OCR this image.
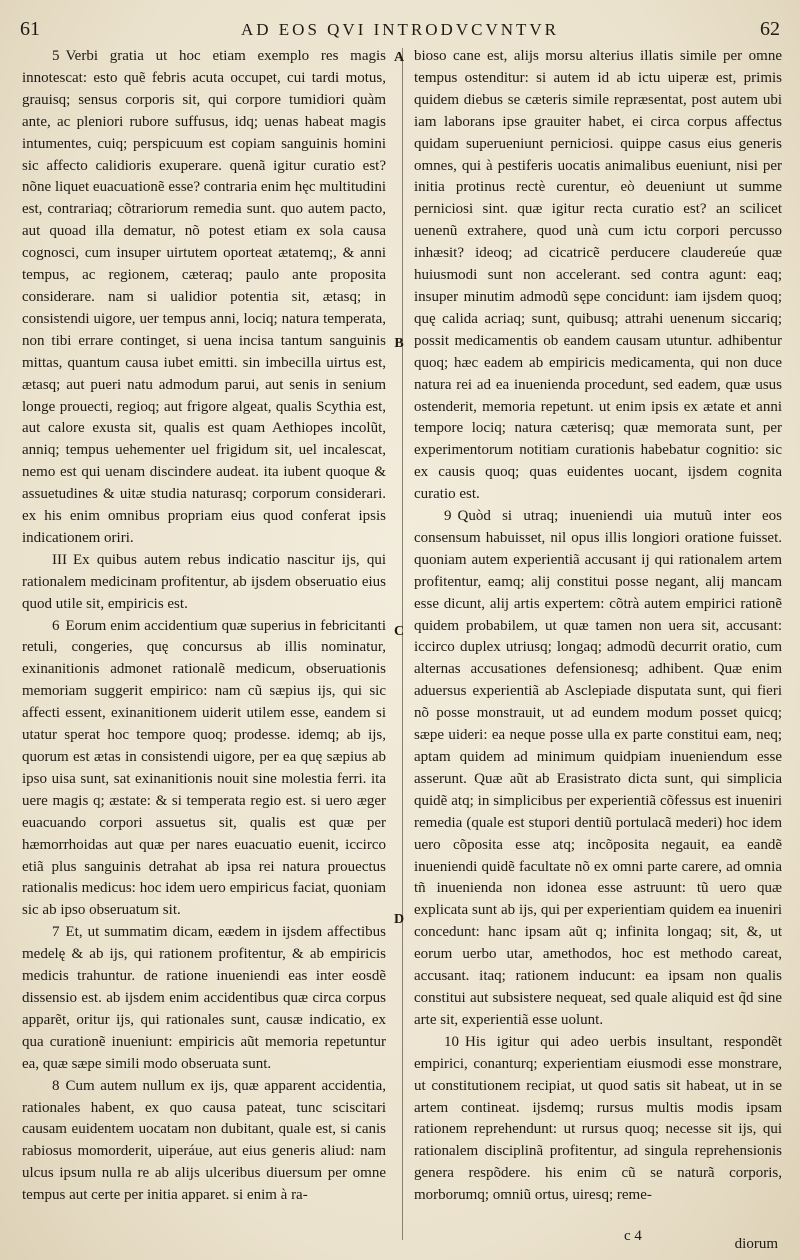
61	AD EOS QVI INTRODVCVNTVR	62

5 Verbi gratia ut hoc etiam exemplo res magis innotescat: esto quẽ febris acuta occupet, cui tardi motus, grauisq; sensus corporis sit, qui corpore tumidiori quàm ante, ac pleniori rubore suffusus, idq; uenas habeat magis intumentes, cuiq; perspicuum est copiam sanguinis homini sic affecto calidioris exuperare. quenã igitur curatio est? nõne liquet euacuationẽ esse? contraria enim hęc multitudini est, contrariaq; cõtrariorum remedia sunt. quo autem pacto, aut quoad illa dematur, nõ potest etiam ex sola causa cognosci, cum insuper uirtutem oporteat ætatemq;, & anni tempus, ac regionem, cæteraq; paulo ante proposita considerare. nam si ualidior potentia sit, ætasq; in consistendi uigore, uer tempus anni, lociq; natura temperata, non tibi errare continget, si uena incisa tantum sanguinis mittas, quantum causa iubet emitti. sin imbecilla uirtus est, ætasq; aut pueri natu admodum parui, aut senis in senium longe prouecti, regioq; aut frigore algeat, qualis Scythia est, aut calore exusta sit, qualis est quam Aethiopes incolũt, anniq; tempus uehementer uel frigidum sit, uel incalescat, nemo est qui uenam discindere audeat. ita iubent quoque & assuetudines & uitæ studia naturasq; corporum considerari. ex his enim omnibus propriam eius quod conferat ipsis indicationem oriri.

III Ex quibus autem rebus indicatio nascitur ijs, qui rationalem medicinam profitentur, ab ijsdem obseruatio eius quod utile sit, empiricis est.

6 Eorum enim accidentium quæ superius in febricitanti retuli, congeries, quę concursus ab illis nominatur, exinanitionis admonet rationalẽ medicum, obseruationis memoriam suggerit empirico: nam cũ sæpius ijs, qui sic affecti essent, exinanitionem uiderit utilem esse, eandem si utatur sperat hoc tempore quoq; prodesse. idemq; ab ijs, quorum est ætas in consistendi uigore, per ea quę sæpius ab ipso uisa sunt, sat exinanitionis nouit sine molestia ferri. ita uere magis q; æstate: & si temperata regio est. si uero æger euacuando corpori assuetus sit, qualis est quæ per hæmorrhoidas aut quæ per nares euacuatio euenit, iccirco etiã plus sanguinis detrahat ab ipsa rei natura prouectus rationalis medicus: hoc idem uero empiricus faciat, quoniam sic ab ipso obseruatum sit.

7 Et, ut summatim dicam, eædem in ijsdem affectibus medelę & ab ijs, qui rationem profitentur, & ab empiricis medicis trahuntur. de ratione inueniendi eas inter eosdẽ dissensio est. ab ijsdem enim accidentibus quæ circa corpus apparẽt, oritur ijs, qui rationales sunt, causæ indicatio, ex qua curationẽ inueniunt: empiricis aũt memoria repetuntur ea, quæ sæpe simili modo obseruata sunt.

8 Cum autem nullum ex ijs, quæ apparent accidentia, rationales habent, ex quo causa pateat, tunc sciscitari causam euidentem uocatam non dubitant, quale est, si canis rabiosus momorderit, uiperáue, aut eius generis aliud: nam ulcus ipsum nulla re ab alijs ulceribus diuersum per omne tempus aut certe per initia apparet. si enim à ra-

A
B
C
D

bioso cane est, alijs morsu alterius illatis simile per omne tempus ostenditur: si autem id ab ictu uiperæ est, primis quidem diebus se cæteris simile repræsentat, post autem ubi iam laborans ipse grauiter habet, ei circa corpus affectus quidam superueniunt perniciosi. quippe casus eius generis omnes, qui à pestiferis uocatis animalibus eueniunt, nisi per initia protinus rectè curentur, eò deueniunt ut summe perniciosi sint. quæ igitur recta curatio est? an scilicet uenenũ extrahere, quod unà cum ictu corpori percusso inhæsit? ideoq; ad cicatricẽ perducere claudereúe quæ huiusmodi sunt non accelerant. sed contra agunt: eaq; insuper minutim admodũ sępe concidunt: iam ijsdem quoq; quę calida acriaq; sunt, quibusq; attrahi uenenum siccariq; possit medicamentis ob eandem causam utuntur. adhibentur quoq; hæc eadem ab empiricis medicamenta, qui non duce natura rei ad ea inuenienda procedunt, sed eadem, quæ usus ostenderit, memoria repetunt. ut enim ipsis ex ætate et anni tempore lociq; natura cæterisq; quæ memorata sunt, per experimentorum notitiam curationis habebatur cognitio: sic ex causis quoq; quas euidentes uocant, ijsdem cognita curatio est.

9 Quòd si utraq; inueniendi uia mutuũ inter eos consensum habuisset, nil opus illis longiori oratione fuisset. quoniam autem experientiã accusant ij qui rationalem artem profitentur, eamq; alij constitui posse negant, alij mancam esse dicunt, alij artis expertem: cõtrà autem empirici rationẽ quidem probabilem, ut quæ tamen non uera sit, accusant: iccirco duplex utriusq; longaq; admodũ decurrit oratio, cum alternas accusationes defensionesq; adhibent. Quæ enim aduersus experientiã ab Asclepiade disputata sunt, qui fieri nõ posse monstrauit, ut ad eundem modum posset quicq; sæpe uideri: ea neque posse ulla ex parte constitui eam, neq; aptam quidem ad minimum quidpiam inueniendum esse asserunt. Quæ aũt ab Erasistrato dicta sunt, qui simplicia quidẽ atq; in simplicibus per experientiã cõfessus est inueniri remedia (quale est stupori dentiũ portulacã mederi) hoc idem uero cõposita esse atq; incõposita negauit, ea eandẽ inueniendi quidẽ facultate nõ ex omni parte carere, ad omnia tñ inuenienda non idonea esse astruunt: tũ uero quæ explicata sunt ab ijs, qui per experientiam quidem ea inueniri concedunt: hanc ipsam aũt q; infinita longaq; sit, &, ut eorum uerbo utar, amethodos, hoc est methodo careat, accusant. itaq; rationem inducunt: ea ipsam non qualis constitui aut subsistere nequeat, sed quale aliquid est q̃d sine arte sit, experientiã esse uolunt.

10 His igitur qui adeo uerbis insultant, respondẽt empirici, conanturq; experientiam eiusmodi esse monstrare, ut constitutionem recipiat, ut quod satis sit habeat, ut in se artem contineat. ijsdemq; rursus multis modis ipsam rationem reprehendunt: ut rursus quoq; necesse sit ijs, qui rationalem disciplinã profitentur, ad singula reprehensionis genera respõdere. his enim cũ se naturã corporis, morborumq; omniũ ortus, uiresq; reme-

c 4	diorum
